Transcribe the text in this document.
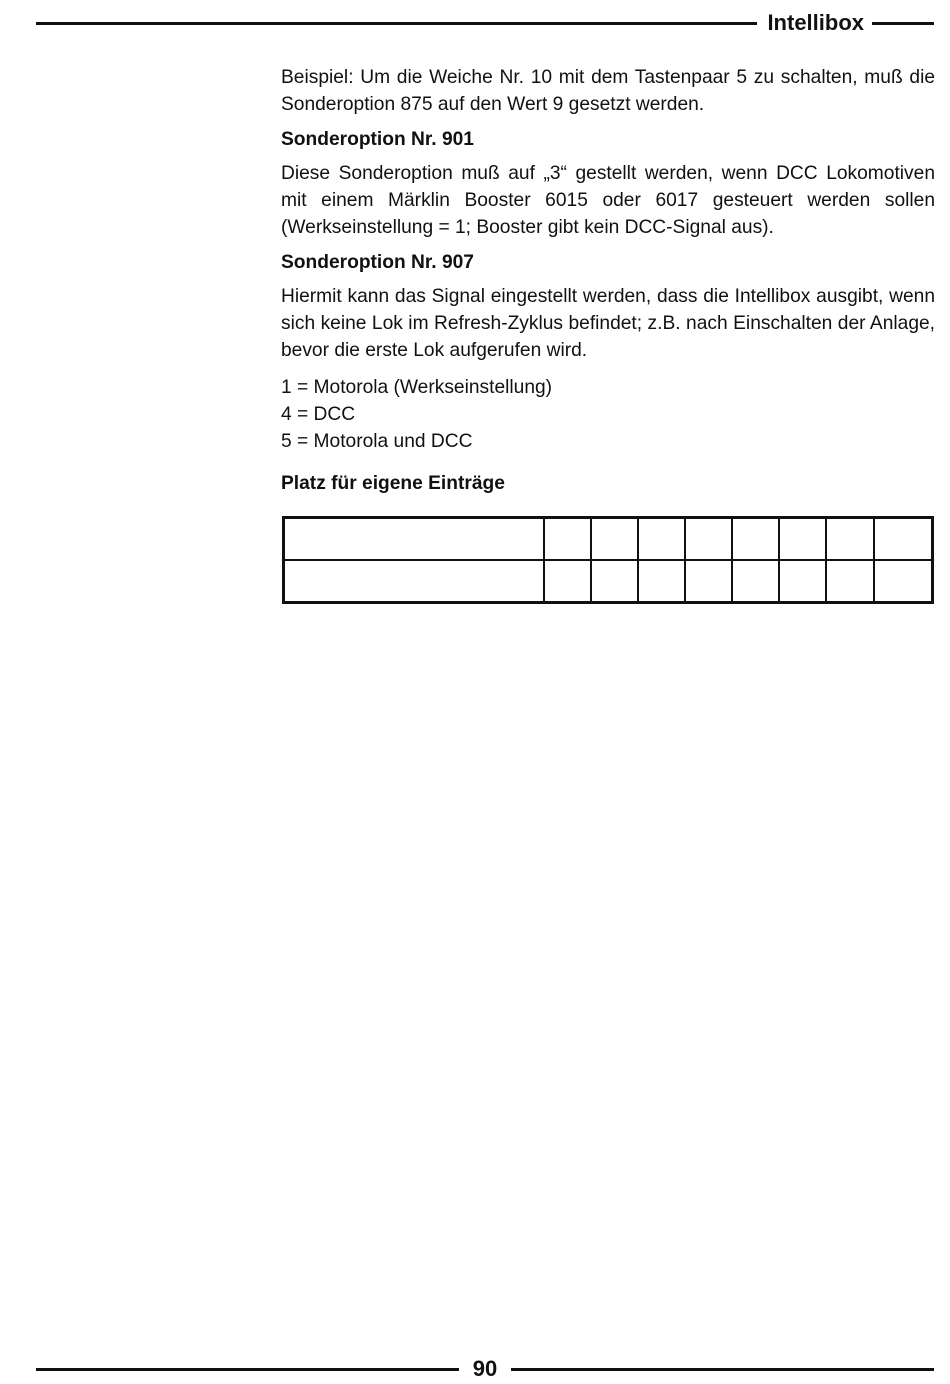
Intellibox

Beispiel: Um die Weiche Nr. 10 mit dem Tastenpaar 5 zu schalten, muß die Sonderoption 875 auf den Wert 9 gesetzt werden.

Sonderoption Nr. 901

Diese Sonderoption muß auf „3“ gestellt werden, wenn DCC Lokomotiven mit einem Märklin Booster 6015 oder 6017 gesteuert werden sollen (Werkseinstellung = 1; Booster gibt kein DCC-Signal aus).

Sonderoption Nr. 907

Hiermit kann das Signal eingestellt werden, dass die Intellibox ausgibt, wenn sich keine Lok im Refresh-Zyklus befindet; z.B. nach Einschalten der Anlage, bevor die erste Lok aufgerufen wird.

1 = Motorola (Werkseinstellung)
4 = DCC
5 = Motorola und DCC
Platz für eigene Einträge

90
